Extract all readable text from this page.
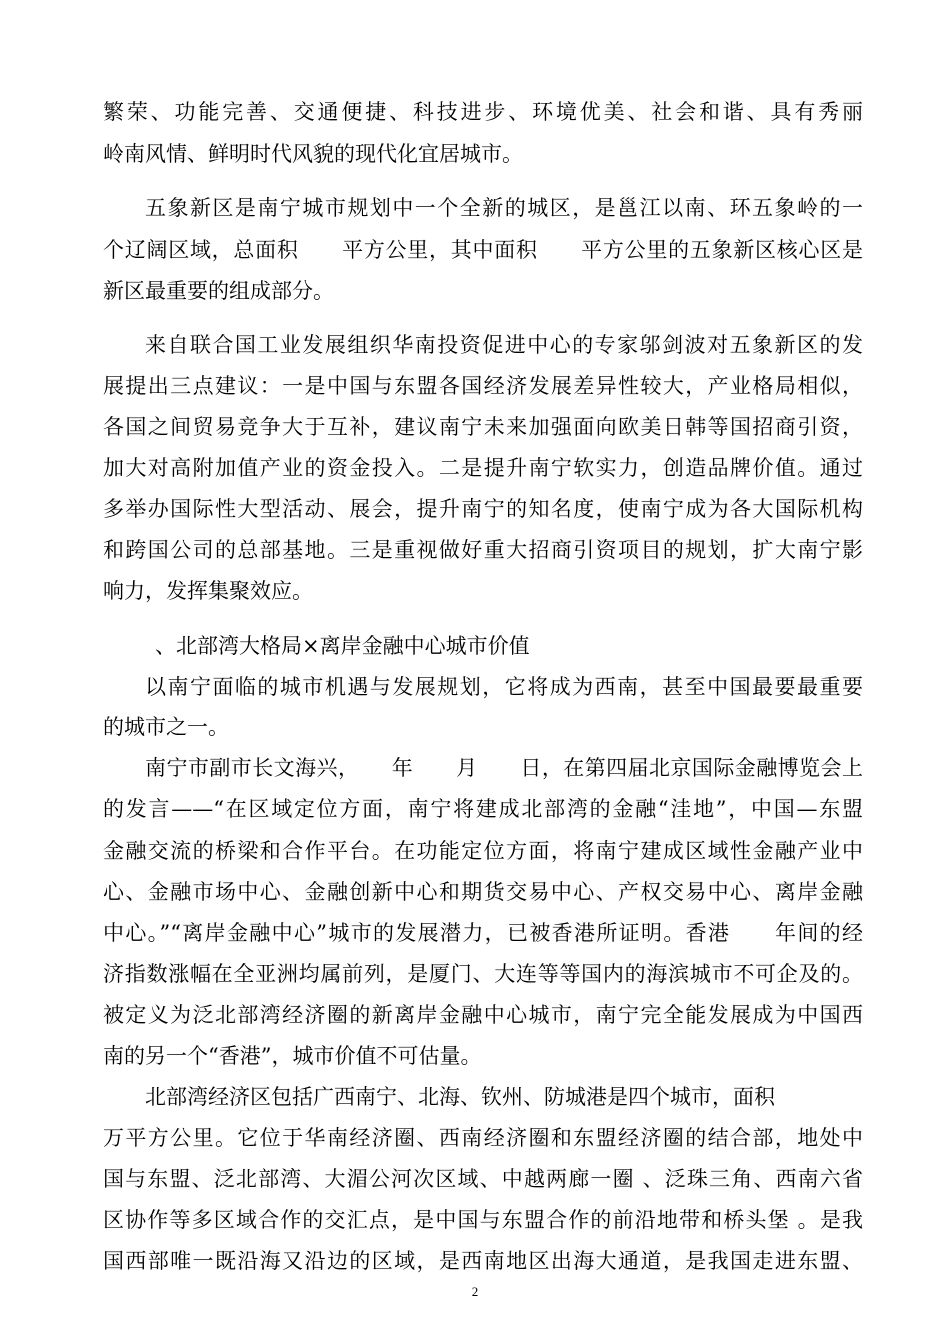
繁荣、功能完善、交通便捷、科技进步、环境优美、社会和谐、具有秀丽
岭南风情、鲜明时代风貌的现代化宜居城市。
五象新区是南宁城市规划中一个全新的城区，是邕江以南、环五象岭的一
个辽阔区域，总面积　　平方公里，其中面积　　平方公里的五象新区核心区是
新区最重要的组成部分。
来自联合国工业发展组织华南投资促进中心的专家邬剑波对五象新区的发
展提出三点建议：一是中国与东盟各国经济发展差异性较大，产业格局相似，
各国之间贸易竞争大于互补，建议南宁未来加强面向欧美日韩等国招商引资，
加大对高附加值产业的资金投入。二是提升南宁软实力，创造品牌价值。通过
多举办国际性大型活动、展会，提升南宁的知名度，使南宁成为各大国际机构
和跨国公司的总部基地。三是重视做好重大招商引资项目的规划，扩大南宁影
响力，发挥集聚效应。
、北部湾大格局×离岸金融中心城市价值
以南宁面临的城市机遇与发展规划，它将成为西南，甚至中国最要最重要
的城市之一。
南宁市副市长文海兴，　　年　　月　　日，在第四届北京国际金融博览会上
的发言——“在区域定位方面，南宁将建成北部湾的金融“洼地”，中国—东盟
金融交流的桥梁和合作平台。在功能定位方面，将南宁建成区域性金融产业中
心、金融市场中心、金融创新中心和期货交易中心、产权交易中心、离岸金融
中心。”“离岸金融中心”城市的发展潜力，已被香港所证明。香港　　年间的经
济指数涨幅在全亚洲均属前列，是厦门、大连等等国内的海滨城市不可企及的。
被定义为泛北部湾经济圈的新离岸金融中心城市，南宁完全能发展成为中国西
南的另一个“香港”，城市价值不可估量。
北部湾经济区包括广西南宁、北海、钦州、防城港是四个城市，面积
万平方公里。它位于华南经济圈、西南经济圈和东盟经济圈的结合部，地处中
国与东盟、泛北部湾、大湄公河次区域、中越两廊一圈 、泛珠三角、西南六省
区协作等多区域合作的交汇点，是中国与东盟合作的前沿地带和桥头堡 。是我
国西部唯一既沿海又沿边的区域，是西南地区出海大通道，是我国走进东盟、
2
